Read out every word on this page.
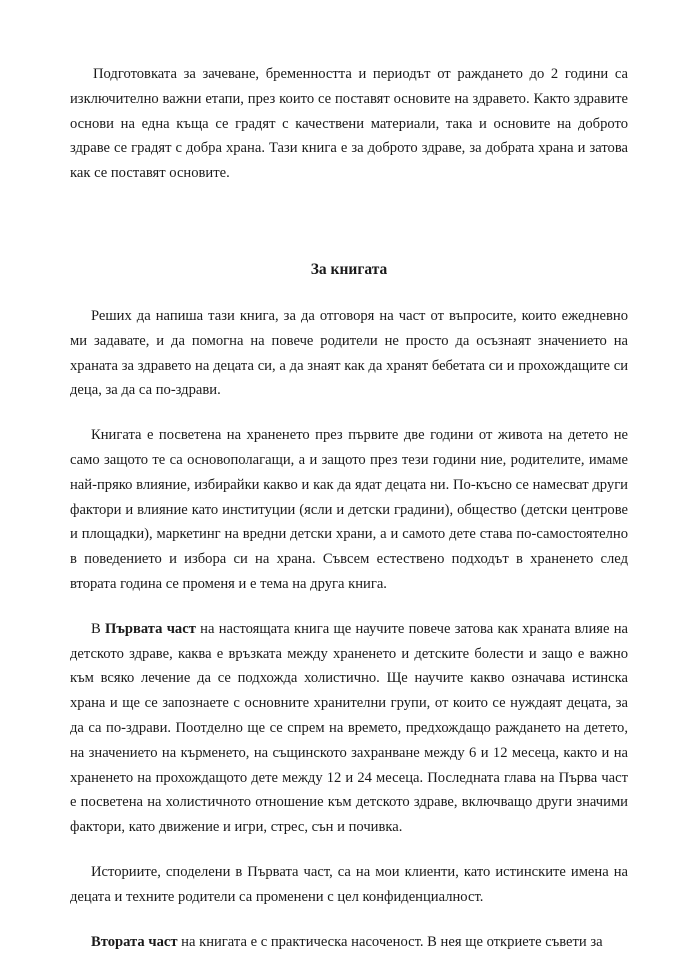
Подготовката за зачеване, бременността и периодът от раждането до 2 години са изключително важни етапи, през които се поставят основите на здравето. Както здравите основи на една къща се градят с качествени материали, така и основите на доброто здраве се градят с добра храна. Тази книга е за доброто здраве, за добрата храна и затова как се поставят основите.

За книгата

Реших да напиша тази книга, за да отговоря на част от въпросите, които ежедневно ми задавате, и да помогна на повече родители не просто да осъзнаят значението на храната за здравето на децата си, а да знаят как да хранят бебетата си и прохождащите си деца, за да са по-здрави.

Книгата е посветена на храненето през първите две години от живота на детето не само защото те са основополагащи, а и защото през тези години ние, родителите, имаме най-пряко влияние, избирайки какво и как да ядат децата ни. По-късно се намесват други фактори и влияние като институции (ясли и детски градини), общество (детски центрове и площадки), маркетинг на вредни детски храни, а и самото дете става по-самостоятелно в поведението и избора си на храна. Съвсем естествено подходът в храненето след втората година се променя и е тема на друга книга.

В Първата част на настоящата книга ще научите повече затова как храната влияе на детското здраве, каква е връзката между храненето и детските болести и защо е важно към всяко лечение да се подхожда холистично. Ще научите какво означава истинска храна и ще се запознаете с основните хранителни групи, от които се нуждаят децата, за да са по-здрави. Поотделно ще се спрем на времето, предхождащо раждането на детето, на значението на кърменето, на същинското захранване между 6 и 12 месеца, както и на храненето на прохождащото дете между 12 и 24 месеца. Последната глава на Първа част е посветена на холистичното отношение към детското здраве, включващо други значими фактори, като движение и игри, стрес, сън и почивка.

Историите, споделени в Първата част, са на мои клиенти, като истинските имена на децата и техните родители са променени с цел конфиденциалност.

Втората част на книгата е с практическа насоченост. В нея ще откриете съвети за
